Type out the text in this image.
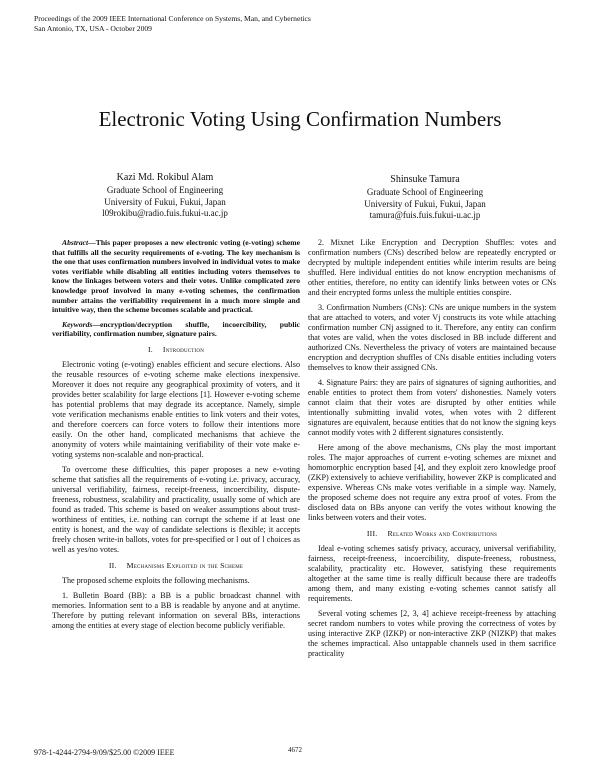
Proceedings of the 2009 IEEE International Conference on Systems, Man, and Cybernetics
San Antonio, TX, USA - October 2009
Electronic Voting Using Confirmation Numbers
Kazi Md. Rokibul Alam
Graduate School of Engineering
University of Fukui, Fukui, Japan
l09rokibu@radio.fuis.fukui-u.ac.jp
Shinsuke Tamura
Graduate School of Engineering
University of Fukui, Fukui, Japan
tamura@fuis.fuis.fukui-u.ac.jp

Abstract—This paper proposes a new electronic voting (e-voting) scheme that fulfills all the security requirements of e-voting. The key mechanism is the one that uses confirmation numbers involved in individual votes to make votes verifiable while disabling all entities including voters themselves to know the linkages between voters and their votes. Unlike complicated zero knowledge proof involved in many e-voting schemes, the confirmation number attains the verifiability requirement in a much more simple and intuitive way, then the scheme becomes scalable and practical.

Keywords—encryption/decryption shuffle, incoercibility, public verifiability, confirmation number, signature pairs.

I. Introduction

Electronic voting (e-voting) enables efficient and secure elections. Also the reusable resources of e-voting scheme make elections inexpensive. Moreover it does not require any geographical proximity of voters, and it provides better scalability for large elections [1]. However e-voting scheme has potential problems that may degrade its acceptance. Namely, simple vote verification mechanisms enable entities to link voters and their votes, and therefore coercers can force voters to follow their intentions more easily. On the other hand, complicated mechanisms that achieve the anonymity of voters while maintaining verifiability of their vote make e-voting systems non-scalable and non-practical.

To overcome these difficulties, this paper proposes a new e-voting scheme that satisfies all the requirements of e-voting i.e. privacy, accuracy, universal verifiability, fairness, receipt-freeness, incoercibility, dispute-freeness, robustness, scalability and practicality, usually some of which are found as traded. This scheme is based on weaker assumptions about trust-worthiness of entities, i.e. nothing can corrupt the scheme if at least one entity is honest, and the way of candidate selections is flexible; it accepts freely chosen write-in ballots, votes for pre-specified or l out of l choices as well as yes/no votes.

II. Mechanisms Exploited in the Scheme

The proposed scheme exploits the following mechanisms.

1. Bulletin Board (BB): a BB is a public broadcast channel with memories. Information sent to a BB is readable by anyone and at anytime. Therefore by putting relevant information on several BBs, interactions among the entities at every stage of election become publicly verifiable.

2. Mixnet Like Encryption and Decryption Shuffles: votes and confirmation numbers (CNs) described below are repeatedly encrypted or decrypted by multiple independent entities while interim results are being shuffled. Here individual entities do not know encryption mechanisms of other entities, therefore, no entity can identify links between votes or CNs and their encrypted forms unless the multiple entities conspire.

3. Confirmation Numbers (CNs): CNs are unique numbers in the system that are attached to voters, and voter Vj constructs its vote while attaching confirmation number CNj assigned to it. Therefore, any entity can confirm that votes are valid, when the votes disclosed in BB include different and authorized CNs. Nevertheless the privacy of voters are maintained because encryption and decryption shuffles of CNs disable entities including voters themselves to know their assigned CNs.

4. Signature Pairs: they are pairs of signatures of signing authorities, and enable entities to protect them from voters' dishonesties. Namely voters cannot claim that their votes are disrupted by other entities while intentionally submitting invalid votes, when votes with 2 different signatures are equivalent, because entities that do not know the signing keys cannot modify votes with 2 different signatures consistently.

Here among of the above mechanisms, CNs play the most important roles. The major approaches of current e-voting schemes are mixnet and homomorphic encryption based [4], and they exploit zero knowledge proof (ZKP) extensively to achieve verifiability, however ZKP is complicated and expensive. Whereas CNs make votes verifiable in a simple way. Namely, the proposed scheme does not require any extra proof of votes. From the disclosed data on BBs anyone can verify the votes without knowing the links between voters and their votes.

III. Related Works and Contributions

Ideal e-voting schemes satisfy privacy, accuracy, universal verifiability, fairness, receipt-freeness, incoercibility, dispute-freeness, robustness, scalability, practicality etc. However, satisfying these requirements altogether at the same time is really difficult because there are tradeoffs among them, and many existing e-voting schemes cannot satisfy all requirements.

Several voting schemes [2, 3, 4] achieve receipt-freeness by attaching secret random numbers to votes while proving the correctness of votes by using interactive ZKP (IZKP) or non-interactive ZKP (NIZKP) that makes the schemes impractical. Also untappable channels used in them sacrifice practicality

978-1-4244-2794-9/09/$25.00 ©2009 IEEE	4672
